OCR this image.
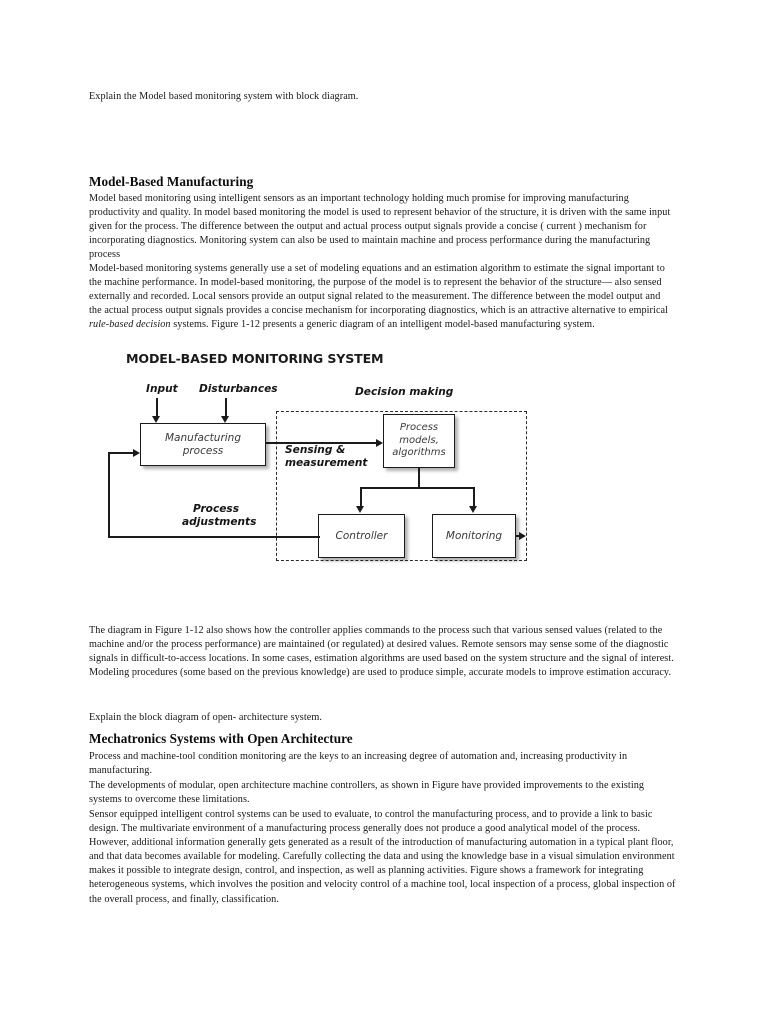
Explain the Model based monitoring system with block diagram.

Model-Based Manufacturing

Model based monitoring using intelligent sensors as an important technology holding much promise for improving manufacturing productivity and quality. In model based monitoring the model is used to represent behavior of the structure, it is driven with the same input given for the process. The difference between the output and actual process output signals provide a concise ( current ) mechanism for incorporating diagnostics. Monitoring system can also be used to maintain machine and process performance during the manufacturing process

Model-based monitoring systems generally use a set of modeling equations and an estimation algorithm to estimate the signal important to the machine performance. In model-based monitoring, the purpose of the model is to represent the behavior of the structure— also sensed externally and recorded. Local sensors provide an output signal related to the measurement. The difference between the model output and the actual process output signals provides a concise mechanism for incorporating diagnostics, which is an attractive alternative to empirical rule-based decision systems. Figure 1-12 presents a generic diagram of an intelligent model-based manufacturing system.

The diagram in Figure 1-12 also shows how the controller applies commands to the process such that various sensed values (related to the machine and/or the process performance) are maintained (or regulated) at desired values. Remote sensors may sense some of the diagnostic signals in difficult-to-access locations. In some cases, estimation algorithms are used based on the system structure and the signal of interest. Modeling procedures (some based on the previous knowledge) are used to produce simple, accurate models to improve estimation accuracy.

Explain the block diagram of open- architecture system.

Mechatronics Systems with Open Architecture

Process and machine-tool condition monitoring are the keys to an increasing degree of automation and, increasing productivity in manufacturing.

The developments of modular, open architecture machine controllers, as shown in Figure have provided improvements to the existing systems to overcome these limitations.

Sensor equipped intelligent control systems can be used to evaluate, to control the manufacturing process, and to provide a link to basic design. The multivariate environment of a manufacturing process generally does not produce a good analytical model of the process. However, additional information generally gets generated as a result of the introduction of manufacturing automation in a typical plant floor, and that data becomes available for modeling. Carefully collecting the data and using the knowledge base in a visual simulation environment makes it possible to integrate design, control, and inspection, as well as planning activities. Figure shows a framework for integrating heterogeneous systems, which involves the position and velocity control of a machine tool, local inspection of a process, global inspection of the overall process, and finally, classification.

MODEL-BASED MONITORING SYSTEM
Input Disturbances	Decision making
Sensing &
measurement
Process
adjustments
Manufacturing
process
Process
models,
algorithms
Controller	Monitoring
